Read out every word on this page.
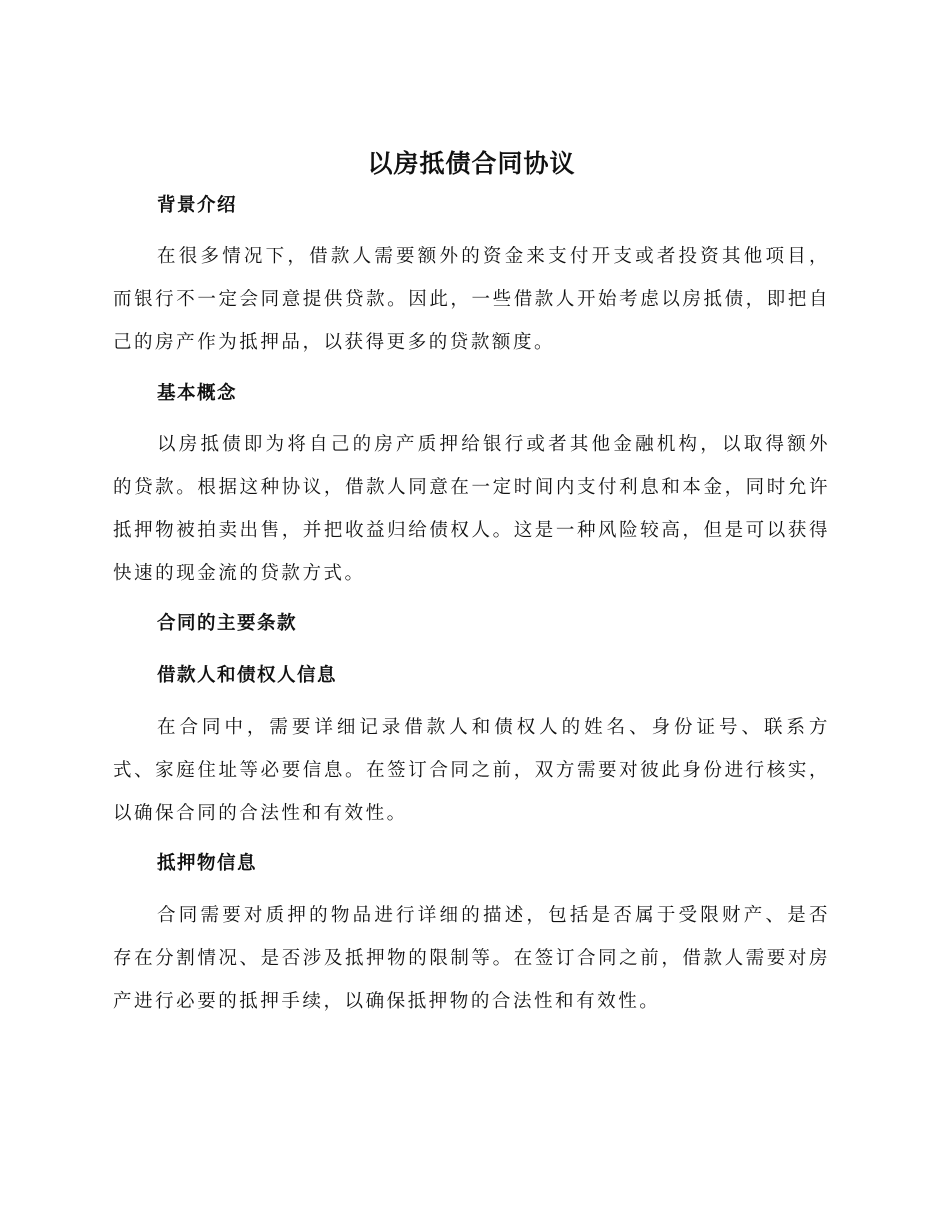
以房抵债合同协议
背景介绍

在很多情况下，借款人需要额外的资金来支付开支或者投资其他项目，而银行不一定会同意提供贷款。因此，一些借款人开始考虑以房抵债，即把自己的房产作为抵押品，以获得更多的贷款额度。

基本概念

以房抵债即为将自己的房产质押给银行或者其他金融机构，以取得额外的贷款。根据这种协议，借款人同意在一定时间内支付利息和本金，同时允许抵押物被拍卖出售，并把收益归给债权人。这是一种风险较高，但是可以获得快速的现金流的贷款方式。

合同的主要条款
借款人和债权人信息

在合同中，需要详细记录借款人和债权人的姓名、身份证号、联系方式、家庭住址等必要信息。在签订合同之前，双方需要对彼此身份进行核实，以确保合同的合法性和有效性。

抵押物信息

合同需要对质押的物品进行详细的描述，包括是否属于受限财产、是否存在分割情况、是否涉及抵押物的限制等。在签订合同之前，借款人需要对房产进行必要的抵押手续，以确保抵押物的合法性和有效性。
